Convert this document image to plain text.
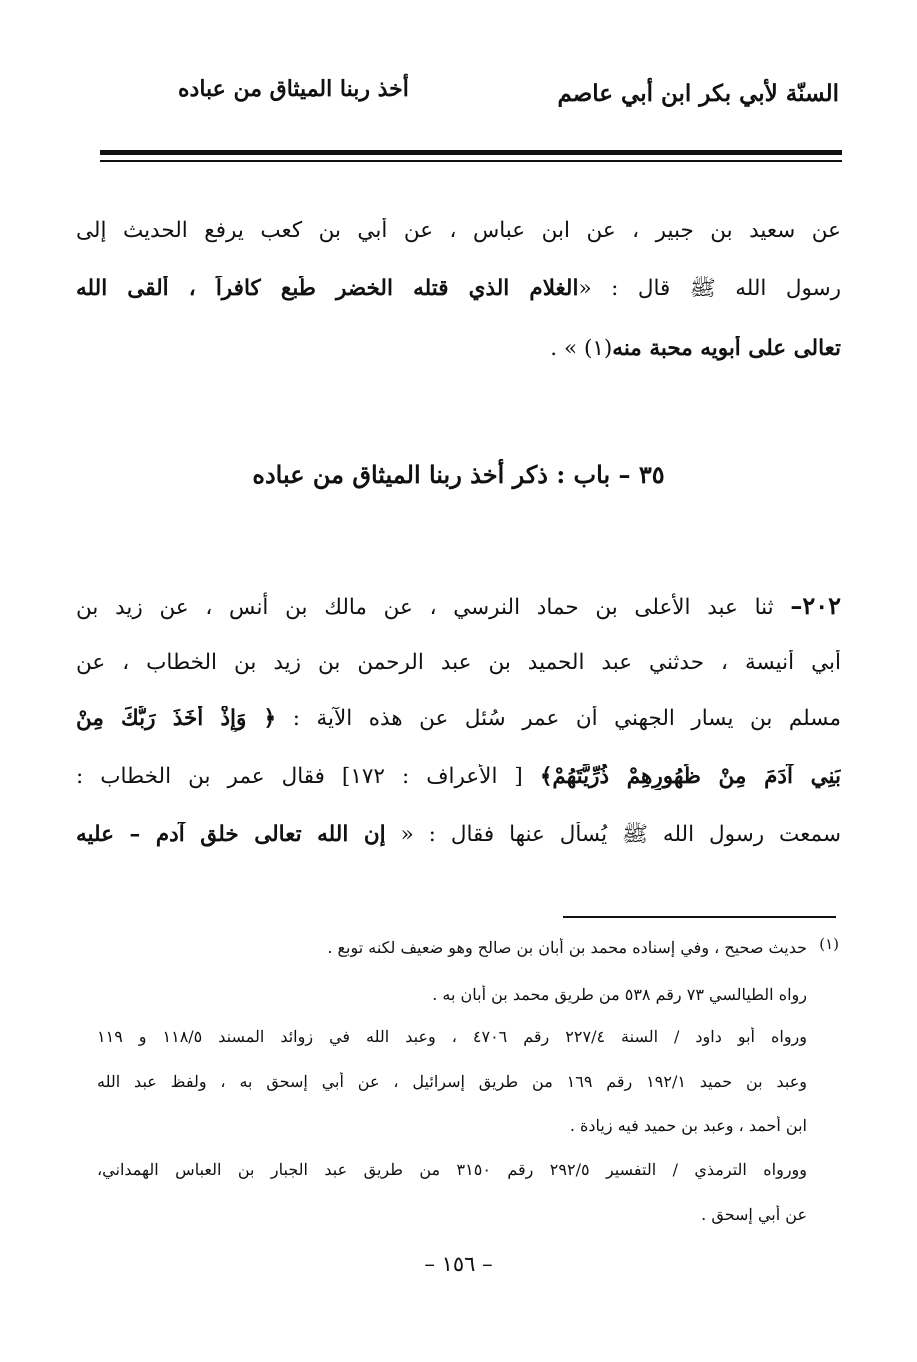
السنّة لأبي بكر ابن أبي عاصم
أخذ ربنا الميثاق من عباده
عن سعيد بن جبير ، عن ابن عباس ، عن أبي بن كعب يرفع الحديث إلى
رسول الله ﷺ قال : «الغلام الذي قتله الخضر طُبع كافراً ، ألقى الله
تعالى على أبويه محبة منه(١) » .
٣٥ – باب : ذكر أخذ ربنا الميثاق من عباده
٢٠٢– ثنا عبد الأعلى بن حماد النرسي ، عن مالك بن أنس ، عن زيد بن
أبي أنيسة ، حدثني عبد الحميد بن عبد الرحمن بن زيد بن الخطاب ، عن
مسلم بن يسار الجهني أن عمر سُئل عن هذه الآية : ﴿ وَإِذْ أَخَذَ رَبُّكَ مِنْ
بَنِي آدَمَ مِنْ ظُهُورِهِمْ ذُرِّيَّتَهُمْ﴾ [ الأعراف : ١٧٢] فقال عمر بن الخطاب :
سمعت رسول الله ﷺ يُسأل عنها فقال : « إن الله تعالى خلق آدم – عليه
(١)
حديث صحيح ، وفي إسناده محمد بن أبان بن صالح وهو ضعيف لكنه توبع .
رواه الطيالسي ٧٣ رقم ٥٣٨ من طريق محمد بن أبان به .
ورواه أبو داود / السنة ٢٢٧/٤ رقم ٤٧٠٦ ، وعبد الله في زوائد المسند ١١٨/٥ و ١١٩
وعبد بن حميد ١٩٢/١ رقم ١٦٩ من طريق إسرائيل ، عن أبي إسحق به ، ولفظ عبد الله
ابن أحمد ، وعبد بن حميد فيه زيادة .
وورواه الترمذي / التفسير ٢٩٢/٥ رقم ٣١٥٠ من طريق عبد الجبار بن العباس الهمداني،
عن أبي إسحق .
– ١٥٦ –
